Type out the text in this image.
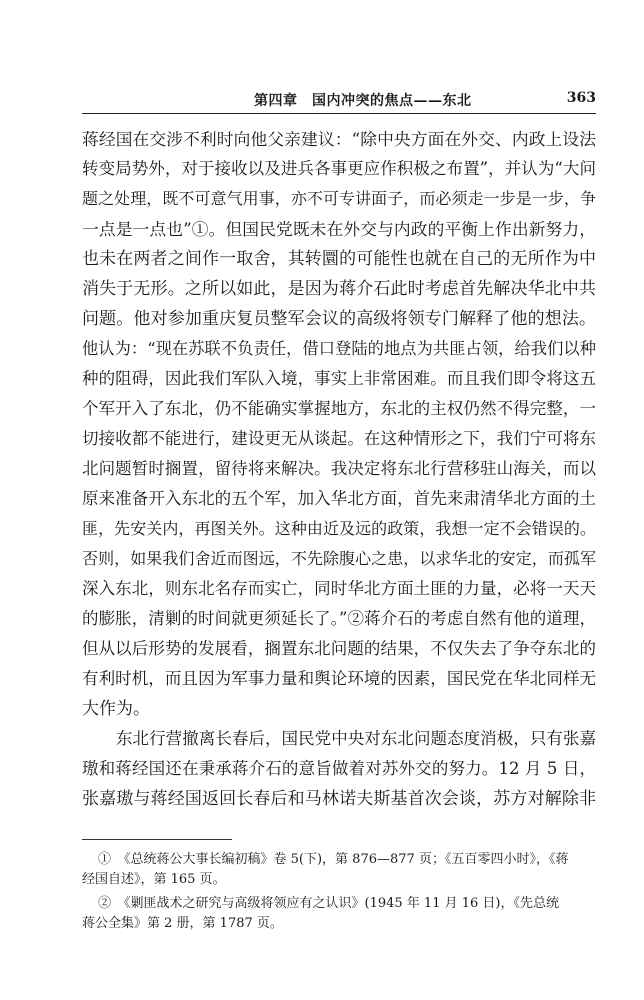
第四章　国内冲突的焦点——东北	363
蒋经国在交涉不利时向他父亲建议：“除中央方面在外交、内政上设法
转变局势外，对于接收以及进兵各事更应作积极之布置”，并认为“大问
题之处理，既不可意气用事，亦不可专讲面子，而必须走一步是一步，争
一点是一点也”①。但国民党既未在外交与内政的平衡上作出新努力，
也未在两者之间作一取舍，其转圜的可能性也就在自己的无所作为中
消失于无形。之所以如此，是因为蒋介石此时考虑首先解决华北中共
问题。他对参加重庆复员整军会议的高级将领专门解释了他的想法。
他认为：“现在苏联不负责任，借口登陆的地点为共匪占领，给我们以种
种的阻碍，因此我们军队入境，事实上非常困难。而且我们即令将这五
个军开入了东北，仍不能确实掌握地方，东北的主权仍然不得完整，一
切接收都不能进行，建设更无从谈起。在这种情形之下，我们宁可将东
北问题暂时搁置，留待将来解决。我决定将东北行营移驻山海关，而以
原来准备开入东北的五个军，加入华北方面，首先来肃清华北方面的土
匪，先安关内，再图关外。这种由近及远的政策，我想一定不会错误的。
否则，如果我们舍近而图远，不先除腹心之患，以求华北的安定，而孤军
深入东北，则东北名存而实亡，同时华北方面土匪的力量，必将一天天
的膨胀，清剿的时间就更须延长了。”②蒋介石的考虑自然有他的道理，
但从以后形势的发展看，搁置东北问题的结果，不仅失去了争夺东北的
有利时机，而且因为军事力量和舆论环境的因素，国民党在华北同样无
大作为。
东北行营撤离长春后，国民党中央对东北问题态度消极，只有张嘉
璈和蒋经国还在秉承蒋介石的意旨做着对苏外交的努力。12 月 5 日，
张嘉璈与蒋经国返回长春后和马林诺夫斯基首次会谈，苏方对解除非
①　《总统蒋公大事长编初稿》卷 5(下)，第 876—877 页；《五百零四小时》，《蒋
经国自述》，第 165 页。
②　《剿匪战术之研究与高级将领应有之认识》(1945 年 11 月 16 日)，《先总统
蒋公全集》第 2 册，第 1787 页。
